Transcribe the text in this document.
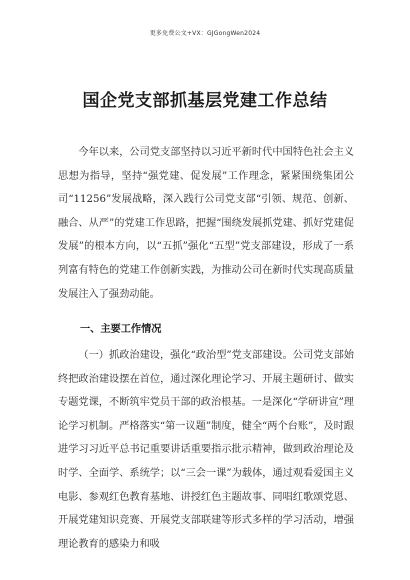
更多免费公文+VX：GJGongWen2024
国企党支部抓基层党建工作总结
今年以来，公司党支部坚持以习近平新时代中国特色社会主义思想为指导，坚持“强党建、促发展”工作理念，紧紧围绕集团公司“11256”发展战略，深入践行公司党支部“引领、规范、创新、融合、从严”的党建工作思路，把握“围绕发展抓党建、抓好党建促发展”的根本方向，以“五抓”强化“五型”党支部建设，形成了一系列富有特色的党建工作创新实践，为推动公司在新时代实现高质量发展注入了强劲动能。
一、主要工作情况
（一）抓政治建设，强化“政治型”党支部建设。公司党支部始终把政治建设摆在首位，通过深化理论学习、开展主题研讨、做实专题党课，不断筑牢党员干部的政治根基。一是深化“学研讲宣”理论学习机制。严格落实“第一议题”制度，健全“两个台账”，及时跟进学习习近平总书记重要讲话重要指示批示精神，做到政治理论及时学、全面学、系统学；以“三会一课”为载体，通过观看爱国主义电影、参观红色教育基地、讲授红色主题故事、同唱红歌颂党恩、开展党建知识竞赛、开展党支部联建等形式多样的学习活动，增强理论教育的感染力和吸
